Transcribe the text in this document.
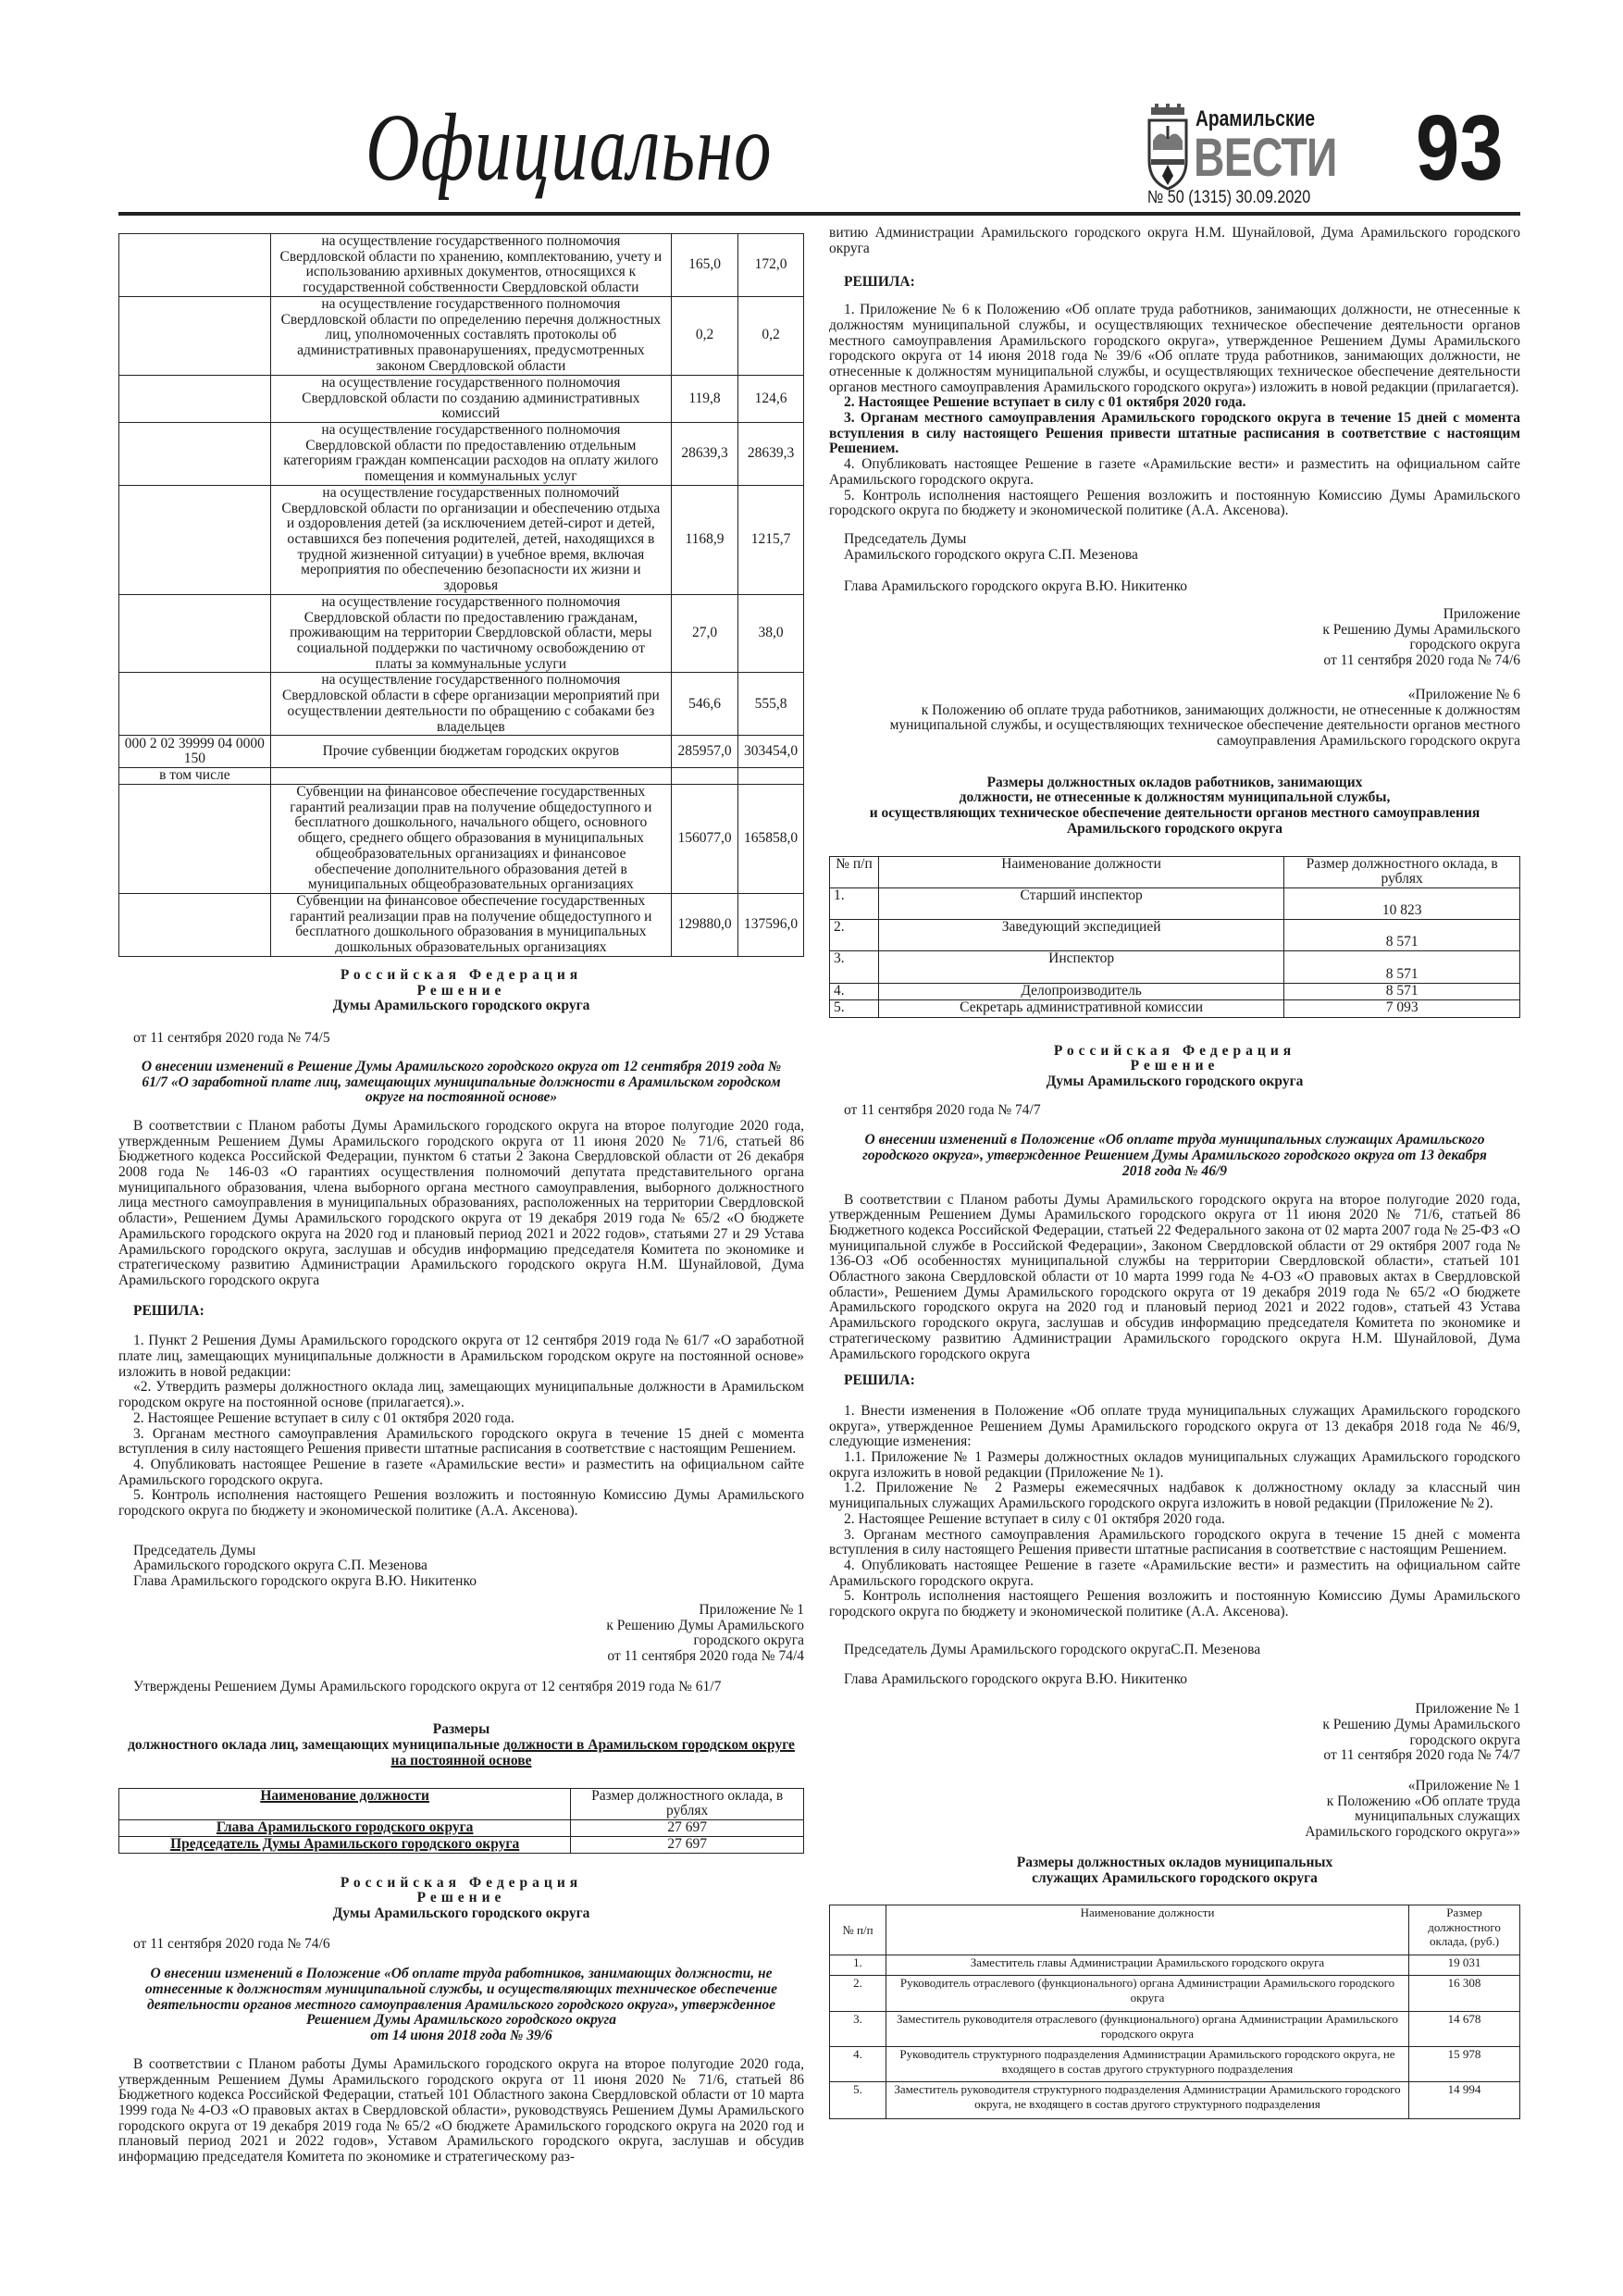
Официально	Арамильские
ВЕСТИ
№ 50 (1315) 30.09.2020 93
	на осуществление государственного полномочия Свердловской области по хранению, комплектованию, учету и использованию архивных документов, относящихся к государственной собственности Свердловской области	165,0	172,0
	на осуществление государственного полномочия Свердловской области по определению перечня должностных лиц, уполномоченных составлять протоколы об административных правонарушениях, предусмотренных законом Свердловской области	0,2	0,2
	на осуществление государственного полномочия Свердловской области по созданию административных комиссий	119,8	124,6
	на осуществление государственного полномочия Свердловской области по предоставлению отдельным категориям граждан компенсации расходов на оплату жилого помещения и коммунальных услуг	28639,3	28639,3
	на осуществление государственных полномочий Свердловской области по организации и обеспечению отдыха и оздоровления детей (за исключением детей-сирот и детей, оставшихся без попечения родителей, детей, находящихся в трудной жизненной ситуации) в учебное время, включая мероприятия по обеспечению безопасности их жизни и здоровья	1168,9	1215,7
	на осуществление государственного полномочия Свердловской области по предоставлению гражданам, проживающим на территории Свердловской области, меры социальной поддержки по частичному освобождению от платы за коммунальные услуги	27,0	38,0
	на осуществление государственного полномочия Свердловской области в сфере организации мероприятий при осуществлении деятельности по обращению с собаками без владельцев	546,6	555,8
000 2 02 39999 04 0000 150	Прочие субвенции бюджетам городских округов	285957,0	303454,0
в том числе			
	Субвенции на финансовое обеспечение государственных гарантий реализации прав на получение общедоступного и бесплатного дошкольного, начального общего, основного общего, среднего общего образования в муниципальных общеобразовательных организациях и финансовое обеспечение дополнительного образования детей в муниципальных общеобразовательных организациях	156077,0	165858,0
	Субвенции на финансовое обеспечение государственных гарантий реализации прав на получение общедоступного и бесплатного дошкольного образования в муниципальных дошкольных образовательных организациях	129880,0	137596,0
Российская Федерация
Решение
Думы Арамильского городского округа
от 11 сентября 2020 года № 74/5
О внесении изменений в Решение Думы Арамильского городского округа от 12 сентября 2019 года № 61/7 «О заработной плате лиц, замещающих муниципальные должности в Арамильском городском округе на постоянной основе»

В соответствии с Планом работы Думы Арамильского городского округа на второе полугодие 2020 года, утвержденным Решением Думы Арамильского городского округа от 11 июня 2020 № 71/6, статьей 86 Бюджетного кодекса Российской Федерации, пунктом 6 статьи 2 Закона Свердловской области от 26 декабря 2008 года № 146-03 «О гарантиях осуществления полномочий депутата представительного органа муниципального образования, члена выборного органа местного самоуправления, выборного должностного лица местного самоуправления в муниципальных образованиях, расположенных на территории Свердловской области», Решением Думы Арамильского городского округа от 19 декабря 2019 года № 65/2 «О бюджете Арамильского городского округа на 2020 год и плановый период 2021 и 2022 годов», статьями 27 и 29 Устава Арамильского городского округа, заслушав и обсудив информацию председателя Комитета по экономике и стратегическому развитию Администрации Арамильского городского округа Н.М. Шунайловой, Дума Арамильского городского округа

РЕШИЛА:

1. Пункт 2 Решения Думы Арамильского городского округа от 12 сентября 2019 года № 61/7 «О заработной плате лиц, замещающих муниципальные должности в Арамильском городском округе на постоянной основе» изложить в новой редакции:

«2. Утвердить размеры должностного оклада лиц, замещающих муниципальные должности в Арамильском городском округе на постоянной основе (прилагается).».

2. Настоящее Решение вступает в силу с 01 октября 2020 года.

3. Органам местного самоуправления Арамильского городского округа в течение 15 дней с момента вступления в силу настоящего Решения привести штатные расписания в соответствие с настоящим Решением.

4. Опубликовать настоящее Решение в газете «Арамильские вести» и разместить на официальном сайте Арамильского городского округа.

5. Контроль исполнения настоящего Решения возложить и постоянную Комиссию Думы Арамильского городского округа по бюджету и экономической политике (А.А. Аксенова).

Председатель Думы
Арамильского городского округа С.П. Мезенова
Глава Арамильского городского округа В.Ю. Никитенко
Приложение № 1
к Решению Думы Арамильского
городского округа
от 11 сентября 2020 года № 74/4
Утверждены Решением Думы Арамильского городского округа от 12 сентября 2019 года № 61/7
Размеры
должностного оклада лиц, замещающих муниципальные должности в Арамильском городском округе на постоянной основе
Наименование должности	Размер должностного оклада, в рублях
Глава Арамильского городского округа	27 697
Председатель Думы Арамильского городского округа	27 697
Российская Федерация
Решение
Думы Арамильского городского округа
от 11 сентября 2020 года № 74/6
О внесении изменений в Положение «Об оплате труда работников, занимающих должности, не отнесенные к должностям муниципальной службы, и осуществляющих техническое обеспечение деятельности органов местного самоуправления Арамильского городского округа», утвержденное Решением Думы Арамильского городского округа
от 14 июня 2018 года № 39/6

В соответствии с Планом работы Думы Арамильского городского округа на второе полугодие 2020 года, утвержденным Решением Думы Арамильского городского округа от 11 июня 2020 № 71/6, статьей 86 Бюджетного кодекса Российской Федерации, статьей 101 Областного закона Свердловской области от 10 марта 1999 года № 4-ОЗ «О правовых актах в Свердловской области», руководствуясь Решением Думы Арамильского городского округа от 19 декабря 2019 года № 65/2 «О бюджете Арамильского городского округа на 2020 год и плановый период 2021 и 2022 годов», Уставом Арамильского городского округа, заслушав и обсудив информацию председателя Комитета по экономике и стратегическому раз-

витию Администрации Арамильского городского округа Н.М. Шунайловой, Дума Арамильского городского округа

РЕШИЛА:

1. Приложение № 6 к Положению «Об оплате труда работников, занимающих должности, не отнесенные к должностям муниципальной службы, и осуществляющих техническое обеспечение деятельности органов местного самоуправления Арамильского городского округа», утвержденное Решением Думы Арамильского городского округа от 14 июня 2018 года № 39/6 «Об оплате труда работников, занимающих должности, не отнесенные к должностям муниципальной службы, и осуществляющих техническое обеспечение деятельности органов местного самоуправления Арамильского городского округа») изложить в новой редакции (прилагается).

2. Настоящее Решение вступает в силу с 01 октября 2020 года.

3. Органам местного самоуправления Арамильского городского округа в течение 15 дней с момента вступления в силу настоящего Решения привести штатные расписания в соответствие с настоящим Решением.

4. Опубликовать настоящее Решение в газете «Арамильские вести» и разместить на официальном сайте Арамильского городского округа.

5. Контроль исполнения настоящего Решения возложить и постоянную Комиссию Думы Арамильского городского округа по бюджету и экономической политике (А.А. Аксенова).

Председатель Думы
Арамильского городского округа С.П. Мезенова
Глава Арамильского городского округа В.Ю. Никитенко
Приложение
к Решению Думы Арамильского
городского округа
от 11 сентября 2020 года № 74/6
«Приложение № 6
к Положению об оплате труда работников, занимающих должности, не отнесенные к должностям муниципальной службы, и осуществляющих техническое обеспечение деятельности органов местного самоуправления Арамильского городского округа
Размеры должностных окладов работников, занимающих
должности, не отнесенные к должностям муниципальной службы,
и осуществляющих техническое обеспечение деятельности органов местного самоуправления
Арамильского городского округа
№ п/п	Наименование должности	Размер должностного оклада, в рублях
1.	Старший инспектор	10 823
2.	Заведующий экспедицией	8 571
3.	Инспектор	8 571
4.	Делопроизводитель	8 571
5.	Секретарь административной комиссии	7 093
Российская Федерация
Решение
Думы Арамильского городского округа
от 11 сентября 2020 года № 74/7
О внесении изменений в Положение «Об оплате труда муниципальных служащих Арамильского городского округа», утвержденное Решением Думы Арамильского городского округа от 13 декабря 2018 года № 46/9

В соответствии с Планом работы Думы Арамильского городского округа на второе полугодие 2020 года, утвержденным Решением Думы Арамильского городского округа от 11 июня 2020 № 71/6, статьей 86 Бюджетного кодекса Российской Федерации, статьей 22 Федерального закона от 02 марта 2007 года № 25-ФЗ «О муниципальной службе в Российской Федерации», Законом Свердловской области от 29 октября 2007 года № 136-ОЗ «Об особенностях муниципальной службы на территории Свердловской области», статьей 101 Областного закона Свердловской области от 10 марта 1999 года № 4-ОЗ «О правовых актах в Свердловской области», Решением Думы Арамильского городского округа от 19 декабря 2019 года № 65/2 «О бюджете Арамильского городского округа на 2020 год и плановый период 2021 и 2022 годов», статьей 43 Устава Арамильского городского округа, заслушав и обсудив информацию председателя Комитета по экономике и стратегическому развитию Администрации Арамильского городского округа Н.М. Шунайловой, Дума Арамильского городского округа

РЕШИЛА:

1. Внести изменения в Положение «Об оплате труда муниципальных служащих Арамильского городского округа», утвержденное Решением Думы Арамильского городского округа от 13 декабря 2018 года № 46/9, следующие изменения:

1.1. Приложение № 1 Размеры должностных окладов муниципальных служащих Арамильского городского округа изложить в новой редакции (Приложение № 1).

1.2. Приложение № 2 Размеры ежемесячных надбавок к должностному окладу за классный чин муниципальных служащих Арамильского городского округа изложить в новой редакции (Приложение № 2).

2. Настоящее Решение вступает в силу с 01 октября 2020 года.

3. Органам местного самоуправления Арамильского городского округа в течение 15 дней с момента вступления в силу настоящего Решения привести штатные расписания в соответствие с настоящим Решением.

4. Опубликовать настоящее Решение в газете «Арамильские вести» и разместить на официальном сайте Арамильского городского округа.

5. Контроль исполнения настоящего Решения возложить и постоянную Комиссию Думы Арамильского городского округа по бюджету и экономической политике (А.А. Аксенова).

Председатель Думы Арамильского городского округаС.П. Мезенова
Глава Арамильского городского округа В.Ю. Никитенко
Приложение № 1
к Решению Думы Арамильского
городского округа
от 11 сентября 2020 года № 74/7
«Приложение № 1
к Положению «Об оплате труда
муниципальных служащих
Арамильского городского округа»»
Размеры должностных окладов муниципальных
служащих Арамильского городского округа
№ п/п	Наименование должности	Размер должностного оклада, (руб.)
1.	Заместитель главы Администрации Арамильского городского округа	19 031
2.	Руководитель отраслевого (функционального) органа Администрации Арамильского городского округа	16 308
3.	Заместитель руководителя отраслевого (функционального) органа Администрации Арамильского городского округа	14 678
4.	Руководитель структурного подразделения Администрации Арамильского городского округа, не входящего в состав другого структурного подразделения	15 978
5.	Заместитель руководителя структурного подразделения Администрации Арамильского городского округа, не входящего в состав другого структурного подразделения	14 994
